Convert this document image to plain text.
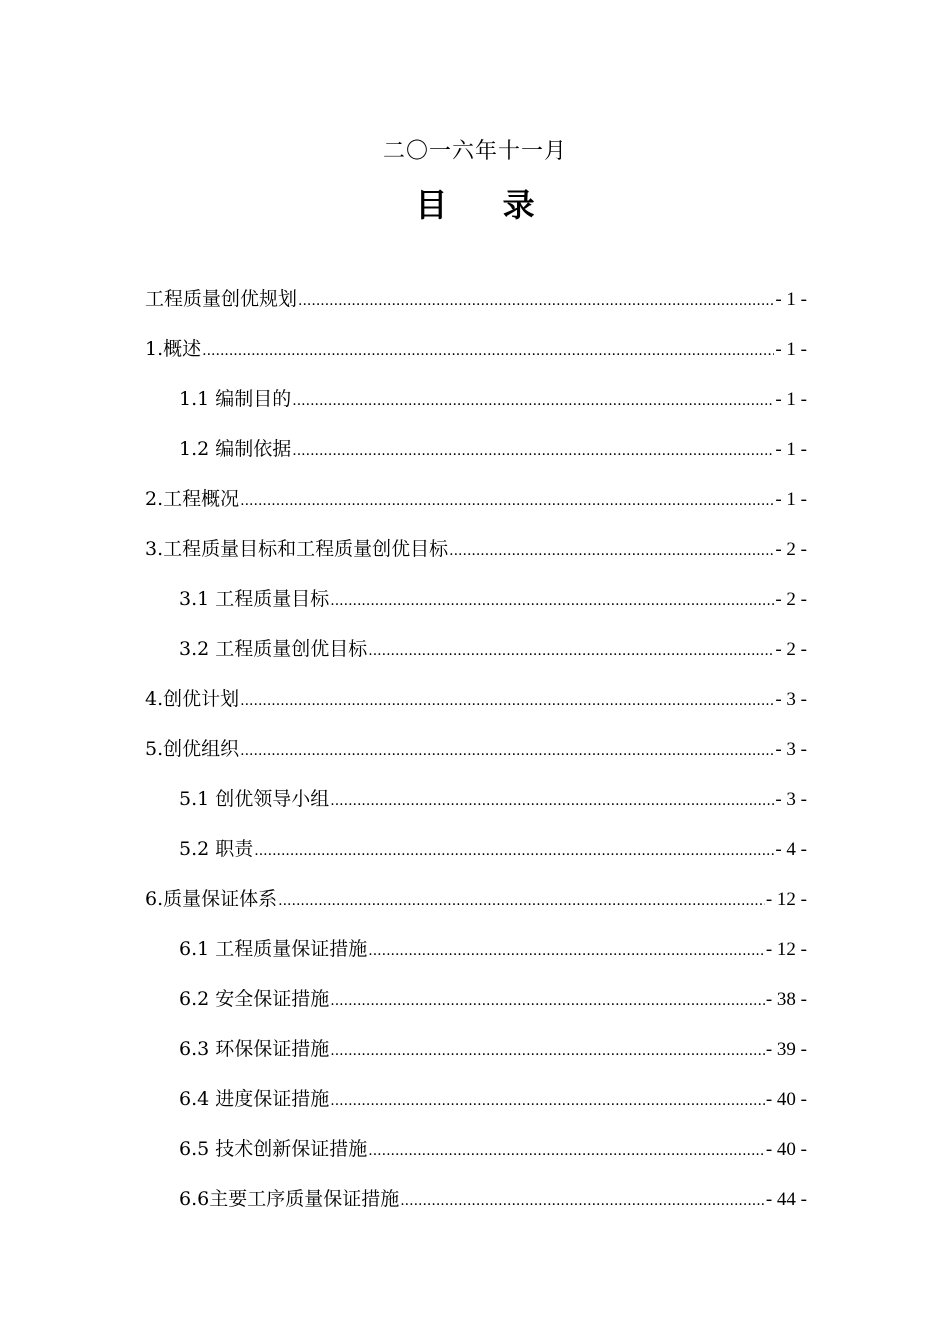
二〇一六年十一月
目 录
工程质量创优规划 .....	- 1 -
1.概述 .....	- 1 -
1.1 编制目的 .....	- 1 -
1.2 编制依据 .....	- 1 -
2.工程概况 .....	- 1 -
3.工程质量目标和工程质量创优目标 .....	- 2 -
3.1 工程质量目标 .....	- 2 -
3.2 工程质量创优目标 .....	- 2 -
4.创优计划 .....	- 3 -
5.创优组织 .....	- 3 -
5.1 创优领导小组 .....	- 3 -
5.2 职责 .....	- 4 -
6.质量保证体系 .....	- 12 -
6.1 工程质量保证措施 .....	- 12 -
6.2 安全保证措施 .....	- 38 -
6.3 环保保证措施 .....	- 39 -
6.4 进度保证措施 .....	- 40 -
6.5 技术创新保证措施 .....	- 40 -
6.6主要工序质量保证措施 .....	- 44 -
